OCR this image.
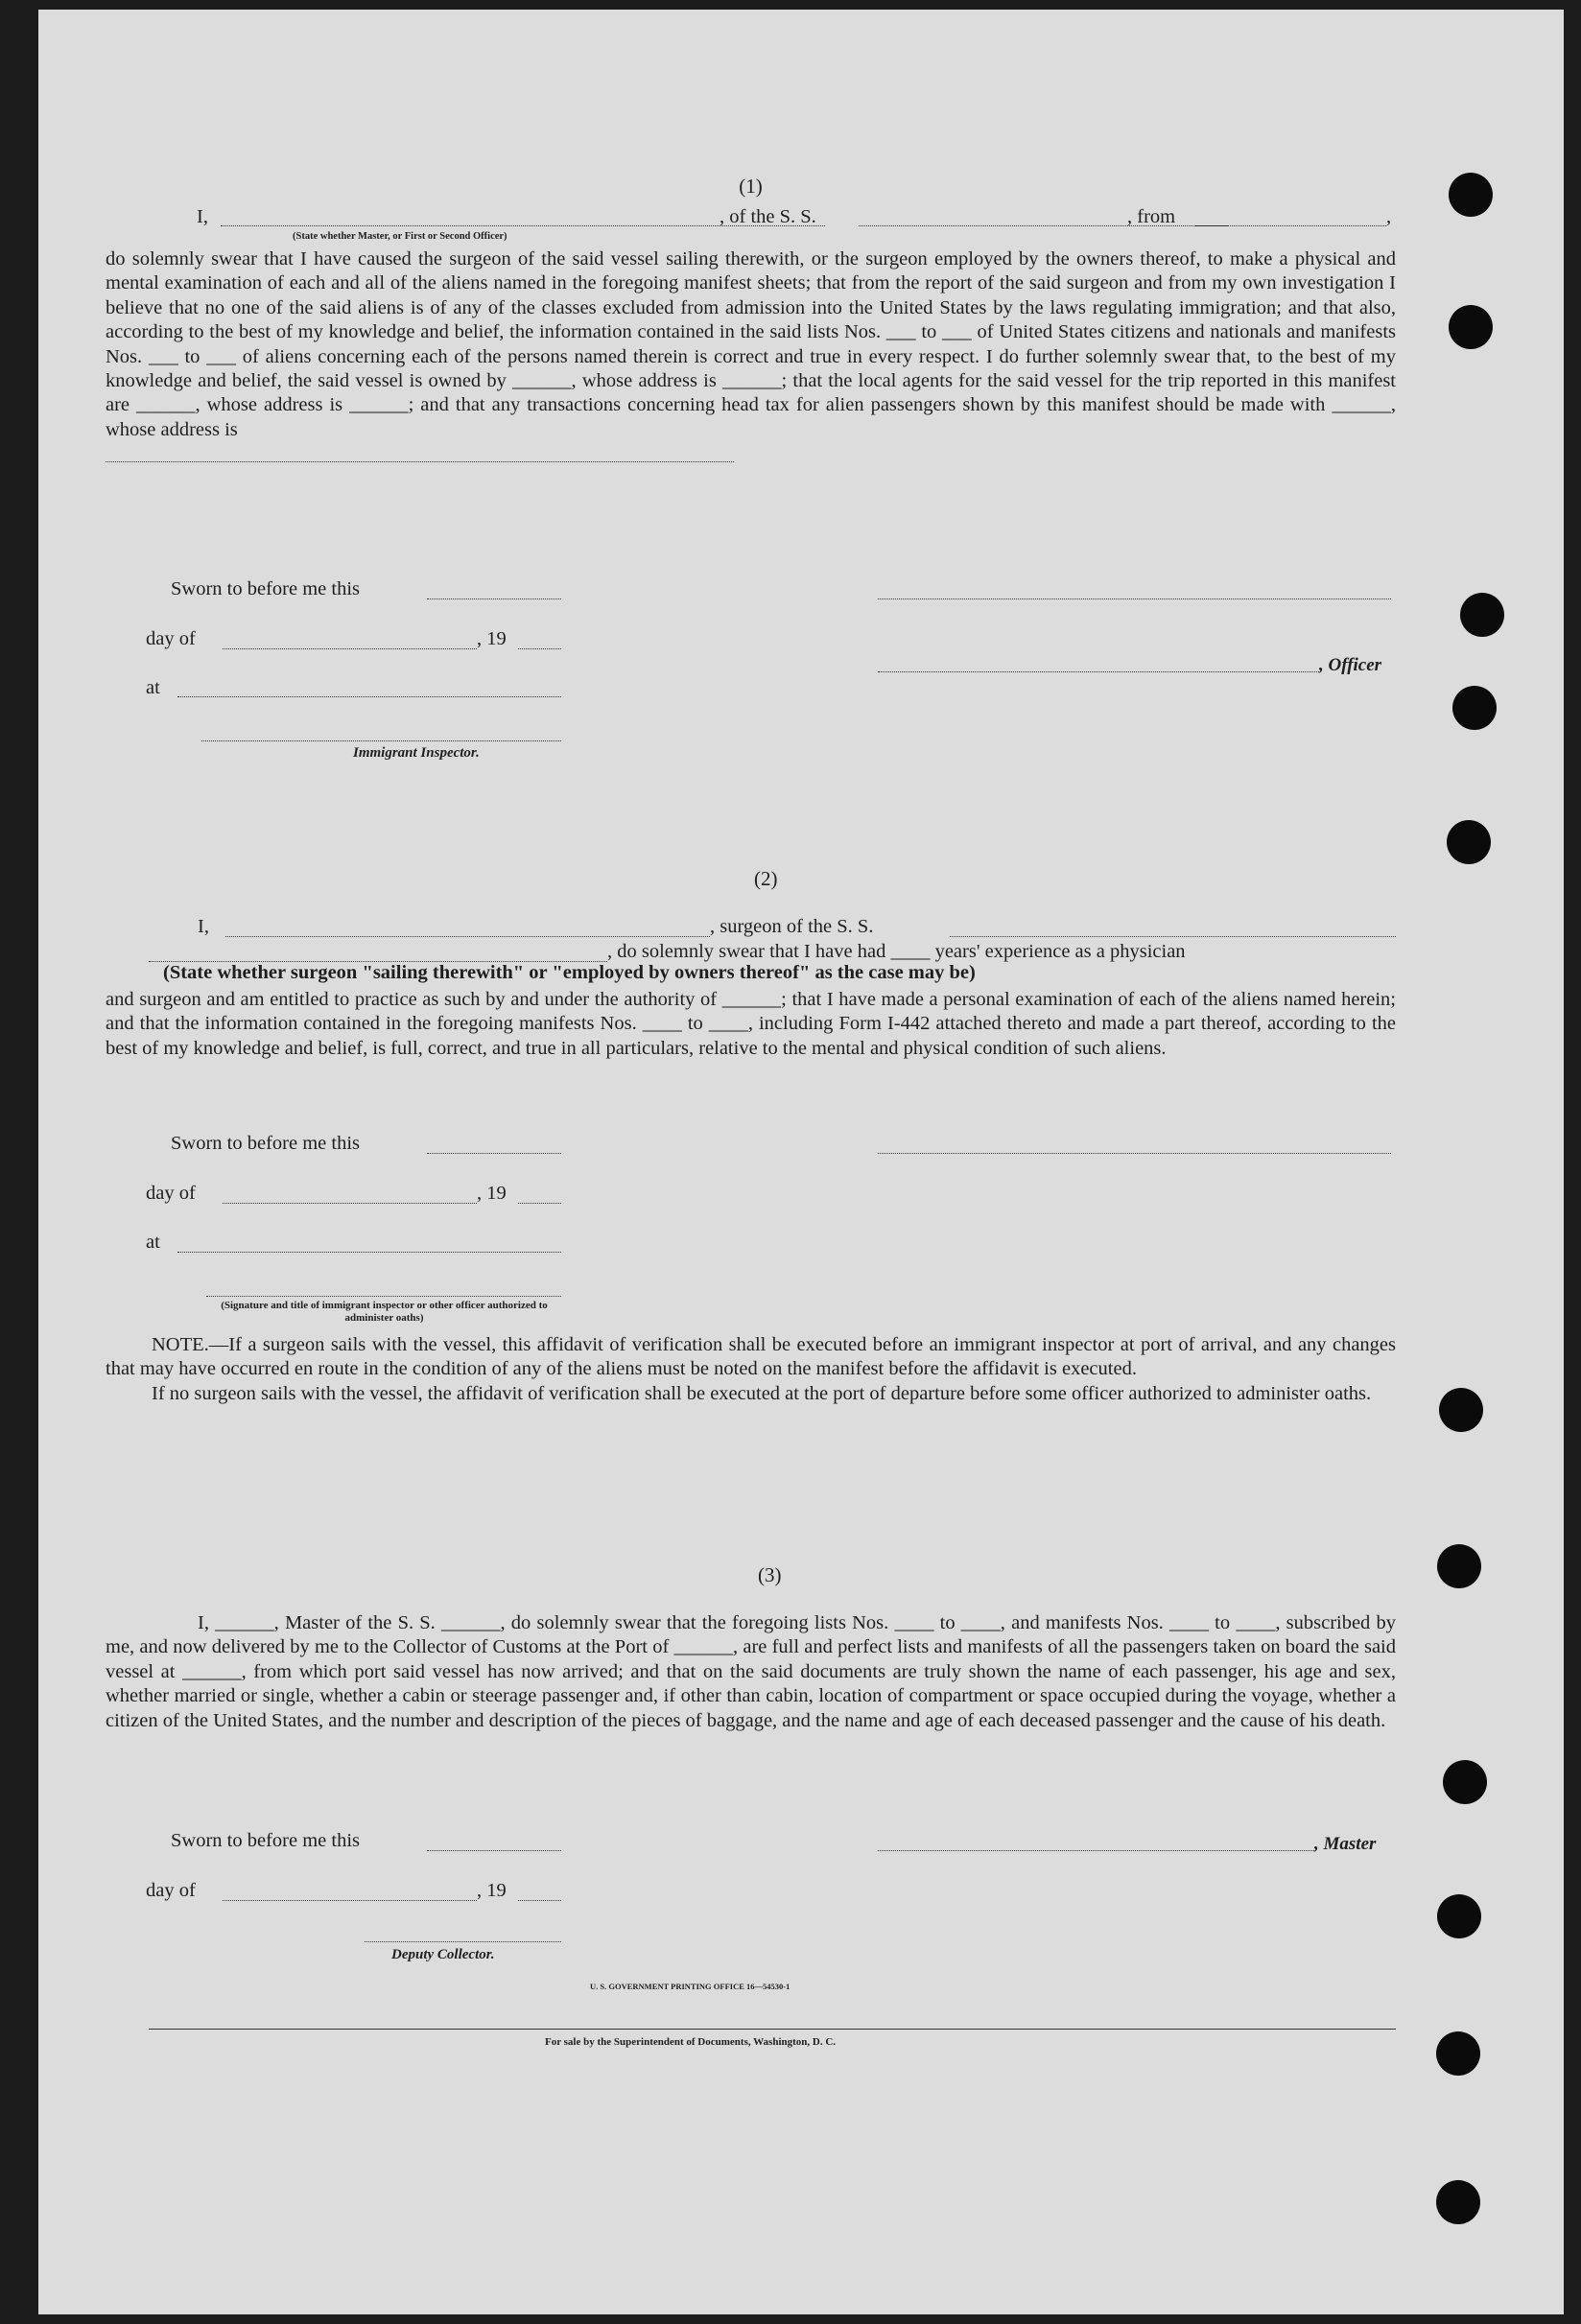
(1)
I,	, of the S. S.	, from	,
(State whether Master, or First or Second Officer)

do solemnly swear that I have caused the surgeon of the said vessel sailing therewith, or the surgeon employed by the owners thereof, to make a physical and mental examination of each and all of the aliens named in the foregoing manifest sheets; that from the report of the said surgeon and from my own investigation I believe that no one of the said aliens is of any of the classes excluded from admission into the United States by the laws regulating immigration; and that also, according to the best of my knowledge and belief, the information contained in the said lists Nos. ___ to ___ of United States citizens and nationals and manifests Nos. ___ to ___ of aliens concerning each of the persons named therein is correct and true in every respect. I do further solemnly swear that, to the best of my knowledge and belief, the said vessel is owned by ______, whose address is ______; that the local agents for the said vessel for the trip reported in this manifest are ______, whose address is ______; and that any transactions concerning head tax for alien passengers shown by this manifest should be made with ______, whose address is

Sworn to before me this
day of	, 19
, Officer
at
Immigrant Inspector.
(2)
I,	, surgeon of the S. S.
, do solemnly swear that I have had ____ years' experience as a physician
(State whether surgeon "sailing therewith" or "employed by owners thereof" as the case may be)

and surgeon and am entitled to practice as such by and under the authority of ______; that I have made a personal examination of each of the aliens named herein; and that the information contained in the foregoing manifests Nos. ____ to ____, including Form I-442 attached thereto and made a part thereof, according to the best of my knowledge and belief, is full, correct, and true in all particulars, relative to the mental and physical condition of such aliens.

Sworn to before me this
day of	, 19
at
(Signature and title of immigrant inspector or other officer authorized to administer oaths)

NOTE.—If a surgeon sails with the vessel, this affidavit of verification shall be executed before an immigrant inspector at port of arrival, and any changes that may have occurred en route in the condition of any of the aliens must be noted on the manifest before the affidavit is executed.

If no surgeon sails with the vessel, the affidavit of verification shall be executed at the port of departure before some officer authorized to administer oaths.

(3)

I, ______, Master of the S. S. ______, do solemnly swear that the foregoing lists Nos. ____ to ____, and manifests Nos. ____ to ____, subscribed by me, and now delivered by me to the Collector of Customs at the Port of ______, are full and perfect lists and manifests of all the passengers taken on board the said vessel at ______, from which port said vessel has now arrived; and that on the said documents are truly shown the name of each passenger, his age and sex, whether married or single, whether a cabin or steerage passenger and, if other than cabin, location of compartment or space occupied during the voyage, whether a citizen of the United States, and the number and description of the pieces of baggage, and the name and age of each deceased passenger and the cause of his death.

Sworn to before me this	, Master
day of	, 19
Deputy Collector.
U. S. GOVERNMENT PRINTING OFFICE 16—54530-1
For sale by the Superintendent of Documents, Washington, D. C.
